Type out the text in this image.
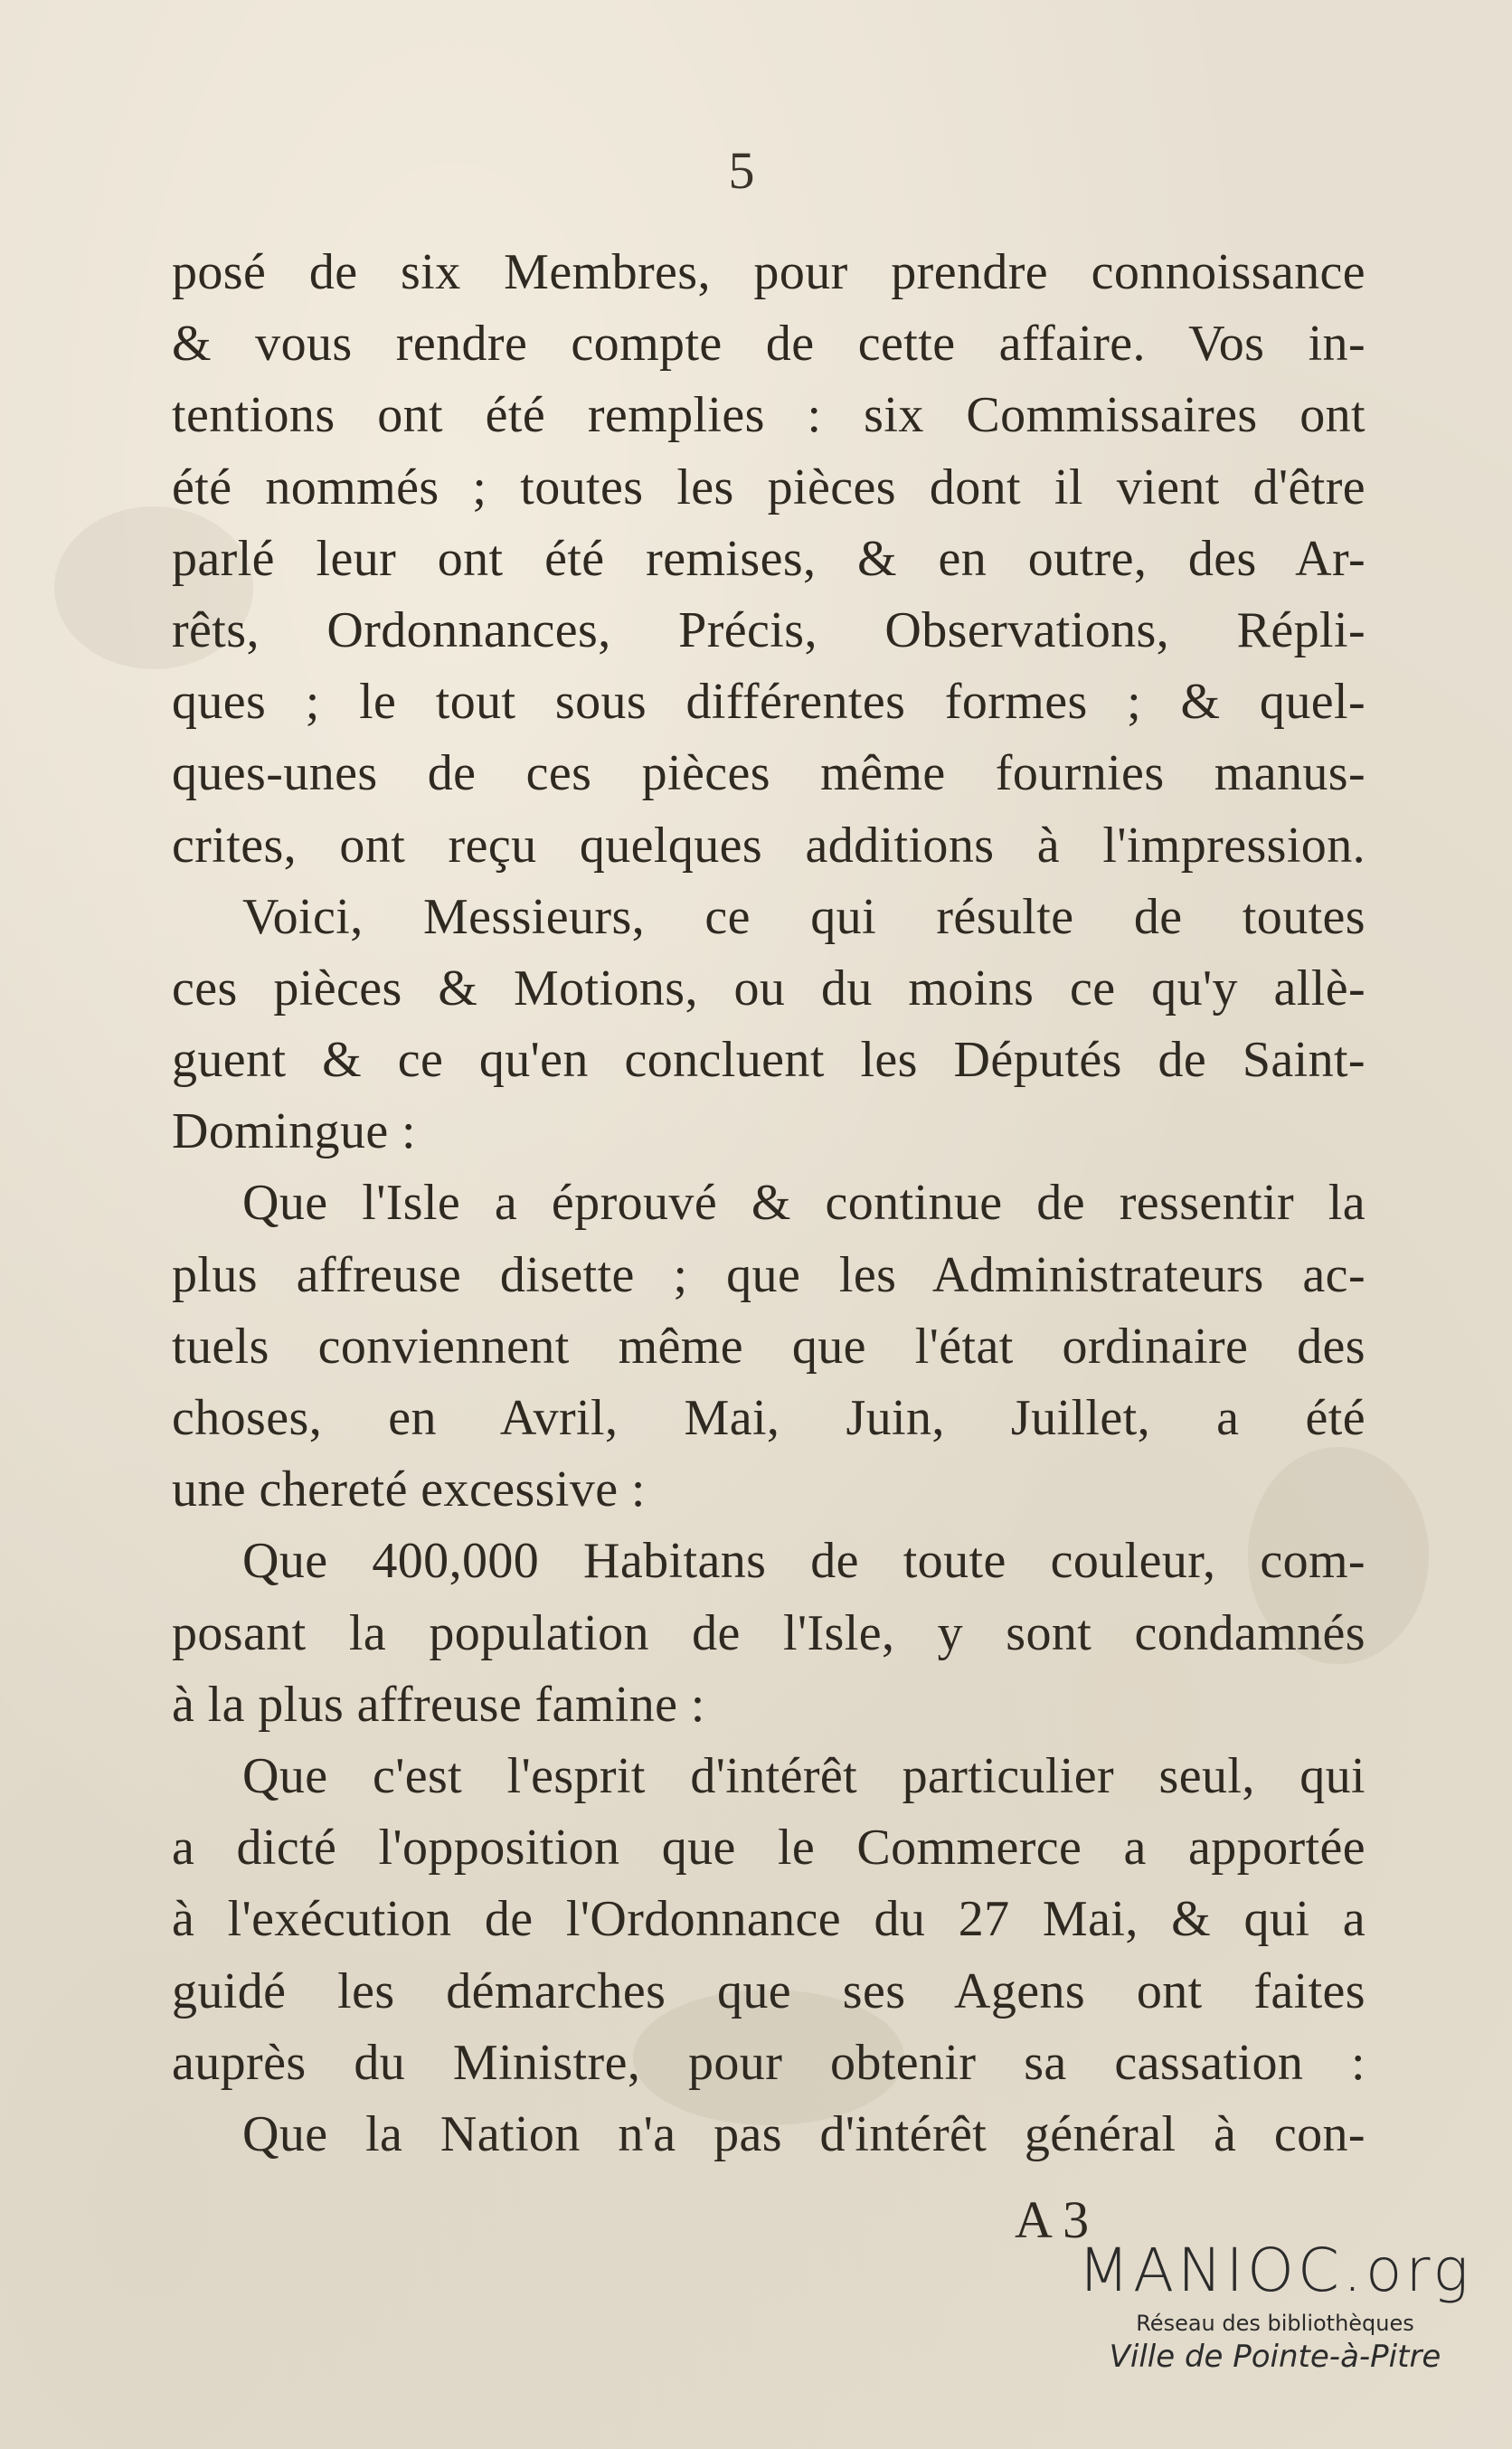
5
posé de six Membres, pour prendre connoissance
& vous rendre compte de cette affaire. Vos in-
tentions ont été remplies : six Commissaires ont
été nommés ; toutes les pièces dont il vient d'être
parlé leur ont été remises, & en outre, des Ar-
rêts, Ordonnances, Précis, Observations, Répli-
ques ; le tout sous différentes formes ; & quel-
ques-unes de ces pièces même fournies manus-
crites, ont reçu quelques additions à l'impression.
Voici, Messieurs, ce qui résulte de toutes
ces pièces & Motions, ou du moins ce qu'y allè-
guent & ce qu'en concluent les Députés de Saint-
Domingue :
Que l'Isle a éprouvé & continue de ressentir la
plus affreuse disette ; que les Administrateurs ac-
tuels conviennent même que l'état ordinaire des
choses, en Avril, Mai, Juin, Juillet, a été
une chereté excessive :
Que 400,000 Habitans de toute couleur, com-
posant la population de l'Isle, y sont condamnés
à la plus affreuse famine :
Que c'est l'esprit d'intérêt particulier seul, qui
a dicté l'opposition que le Commerce a apportée
à l'exécution de l'Ordonnance du 27 Mai, & qui a
guidé les démarches que ses Agens ont faites
auprès du Ministre, pour obtenir sa cassation :
Que la Nation n'a pas d'intérêt général à con-
A 3
MANIOC.org
Réseau des bibliothèques
Ville de Pointe-à-Pitre
